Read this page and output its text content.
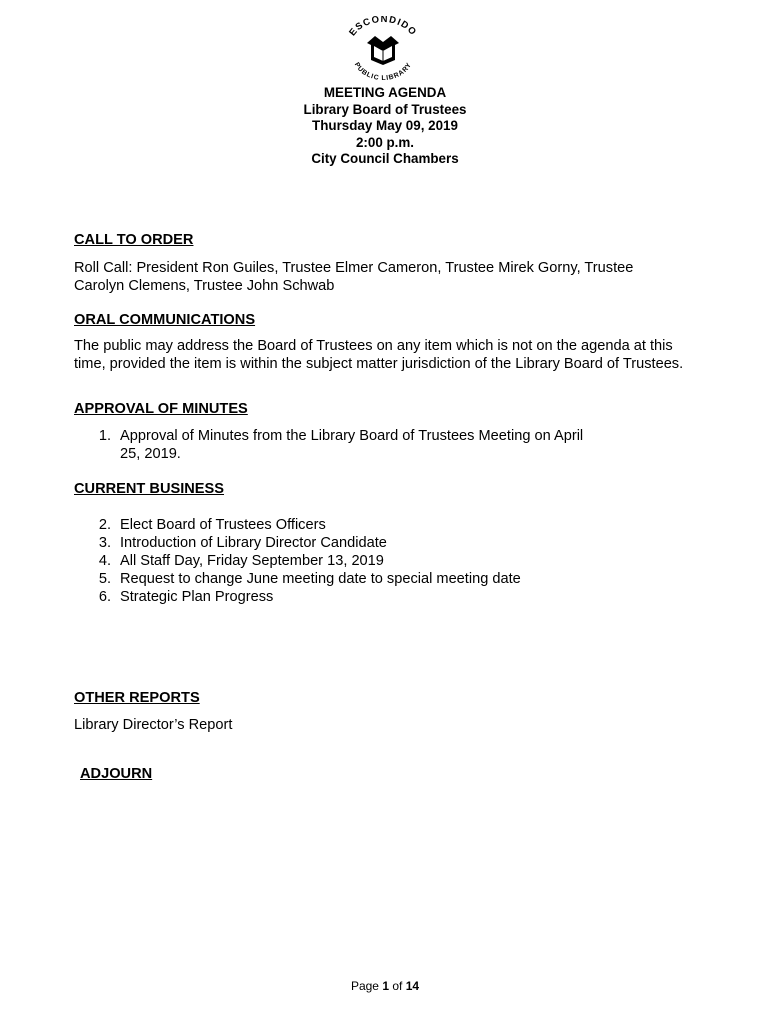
ESCONDIDO
PUBLIC LIBRARY
MEETING AGENDA
Library Board of Trustees
Thursday May 09, 2019
2:00 p.m.
City Council Chambers
CALL TO ORDER
Roll Call: President Ron Guiles, Trustee Elmer Cameron, Trustee Mirek Gorny, Trustee Carolyn Clemens, Trustee John Schwab
ORAL COMMUNICATIONS
The public may address the Board of Trustees on any item which is not on the agenda at this time, provided the item is within the subject matter jurisdiction of the Library Board of Trustees.
APPROVAL OF MINUTES
1. Approval of Minutes from the Library Board of Trustees Meeting on April 25, 2019.
CURRENT BUSINESS
2. Elect Board of Trustees Officers
3. Introduction of Library Director Candidate
4. All Staff Day, Friday September 13, 2019
5. Request to change June meeting date to special meeting date
6. Strategic Plan Progress
OTHER REPORTS
Library Director’s Report
ADJOURN
Page 1 of 14
